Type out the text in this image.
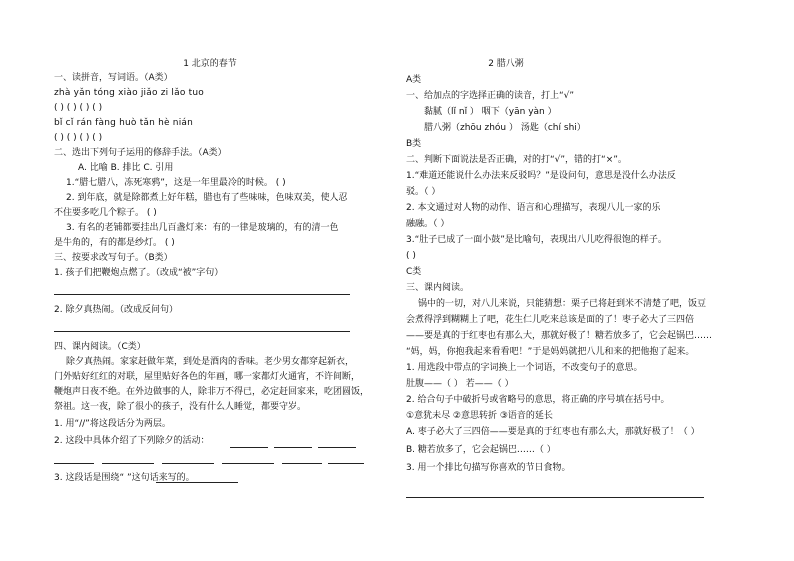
1 北京的春节
一、读拼音，写词语。（A类）
zhà yǎn tóng xiào jiǎo zi lǎo tuo
( ) ( ) ( ) ( )
bǐ cǐ rán fàng huò tǎn hè nián
( ) ( ) ( ) ( )
二、选出下列句子运用的修辞手法。（A类）
A. 比喻 B. 排比 C. 引用
1.“腊七腊八，冻死寒鸦”，这是一年里最冷的时候。 ( )
2. 到年底，就是除都煮上好年糕，腊也有了些味味，色味双美，使人忍
不住要多吃几个粽子。 ( )
3. 有名的老铺都要挂出几百盏灯来：有的一律是玻璃的，有的清一色
是牛角的，有的都是纱灯。 ( )
三、按要求改写句子。（B类）
1. 孩子们把鞭炮点燃了。（改成“被”字句）
2. 除夕真热闹。（改成反问句）
四、课内阅读。（C类）
除夕真热闹。家家赶做年菜，到处是酒肉的香味。老少男女都穿起新衣，
门外贴好红红的对联，屋里贴好各色的年画，哪一家都灯火通宵，不许间断，
鞭炮声日夜不绝。在外边做事的人，除非万不得已，必定赶回家来，吃团圆饭，
祭祖。这一夜，除了很小的孩子，没有什么人睡觉，都要守岁。
1. 用“//”将这段话分为两层。
2. 这段中具体介绍了下列除夕的活动：
3. 这段话是围绕“ ”这句话来写的。
2 腊八粥
A类
一、给加点的字选择正确的读音，打上“√”
黏腻（lǐ nǐ ） 咽下（yān yàn ）
腊八粥（zhōu zhóu ） 汤匙（chí shi）
B类
二、判断下面说法是否正确，对的打“√”，错的打“×”。
1.“难道还能说什么办法来反驳吗？”是设问句，意思是没什么办法反
驳。（ ）
2. 本文通过对人物的动作、语言和心理描写，表现八儿一家的乐
融融。（ ）
3.“肚子已成了一面小鼓”是比喻句，表现出八儿吃得很饱的样子。
( )
C类
三、课内阅读。
锅中的一切，对八儿来说，只能猜想：栗子已将赶到米不清楚了吧，饭豆
会煮得浮到糊糊上了吧，花生仁儿吃来总该是面的了！枣子必大了三四倍
——要是真的于红枣也有那么大，那就好极了！糖若放多了，它会起锅巴……
“妈，妈，你抱我起来看看吧！”于是妈妈就把八儿和来的把他抱了起来。
1. 用选段中带点的字词换上一个词语，不改变句子的意思。
肚腹——（ ） 若——（ ）
2. 给合句子中破折号或省略号的意思，将正确的序号填在括号中。
①意犹未尽 ②意思转折 ③语音的延长
A. 枣子必大了三四倍——要是真的于红枣也有那么大，那就好极了！（ ）
B. 糖若放多了，它会起锅巴……（ ）
3. 用一个排比句描写你喜欢的节日食物。
